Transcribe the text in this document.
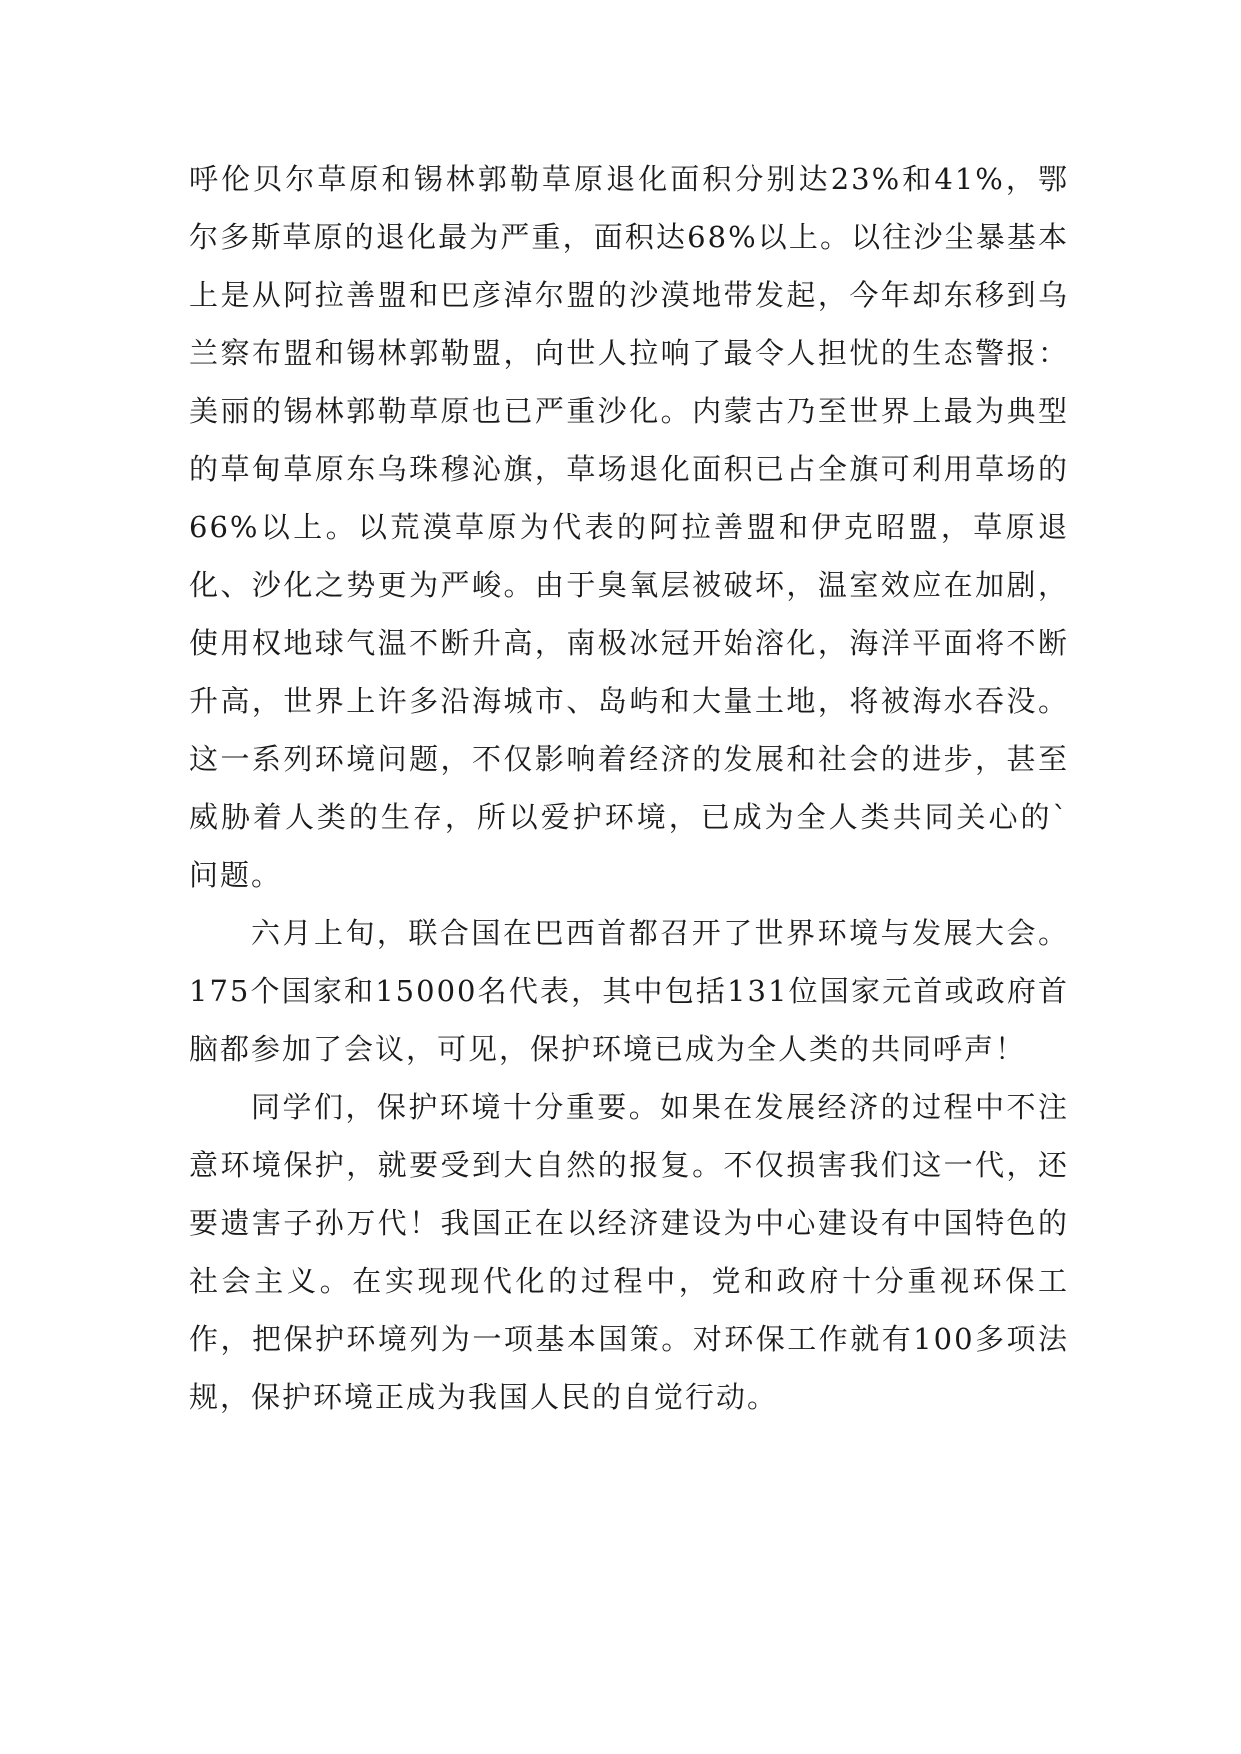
呼伦贝尔草原和锡林郭勒草原退化面积分别达23%和41%，鄂尔多斯草原的退化最为严重，面积达68%以上。以往沙尘暴基本上是从阿拉善盟和巴彦淖尔盟的沙漠地带发起，今年却东移到乌兰察布盟和锡林郭勒盟，向世人拉响了最令人担忧的生态警报：美丽的锡林郭勒草原也已严重沙化。内蒙古乃至世界上最为典型的草甸草原东乌珠穆沁旗，草场退化面积已占全旗可利用草场的66%以上。以荒漠草原为代表的阿拉善盟和伊克昭盟，草原退化、沙化之势更为严峻。由于臭氧层被破坏，温室效应在加剧，使用权地球气温不断升高，南极冰冠开始溶化，海洋平面将不断升高，世界上许多沿海城市、岛屿和大量土地，将被海水吞没。这一系列环境问题，不仅影响着经济的发展和社会的进步，甚至威胁着人类的生存，所以爱护环境，已成为全人类共同关心的`问题。

六月上旬，联合国在巴西首都召开了世界环境与发展大会。175个国家和15000名代表，其中包括131位国家元首或政府首脑都参加了会议，可见，保护环境已成为全人类的共同呼声！

同学们，保护环境十分重要。如果在发展经济的过程中不注意环境保护，就要受到大自然的报复。不仅损害我们这一代，还要遗害子孙万代！我国正在以经济建设为中心建设有中国特色的社会主义。在实现现代化的过程中，党和政府十分重视环保工作，把保护环境列为一项基本国策。对环保工作就有100多项法规，保护环境正成为我国人民的自觉行动。
